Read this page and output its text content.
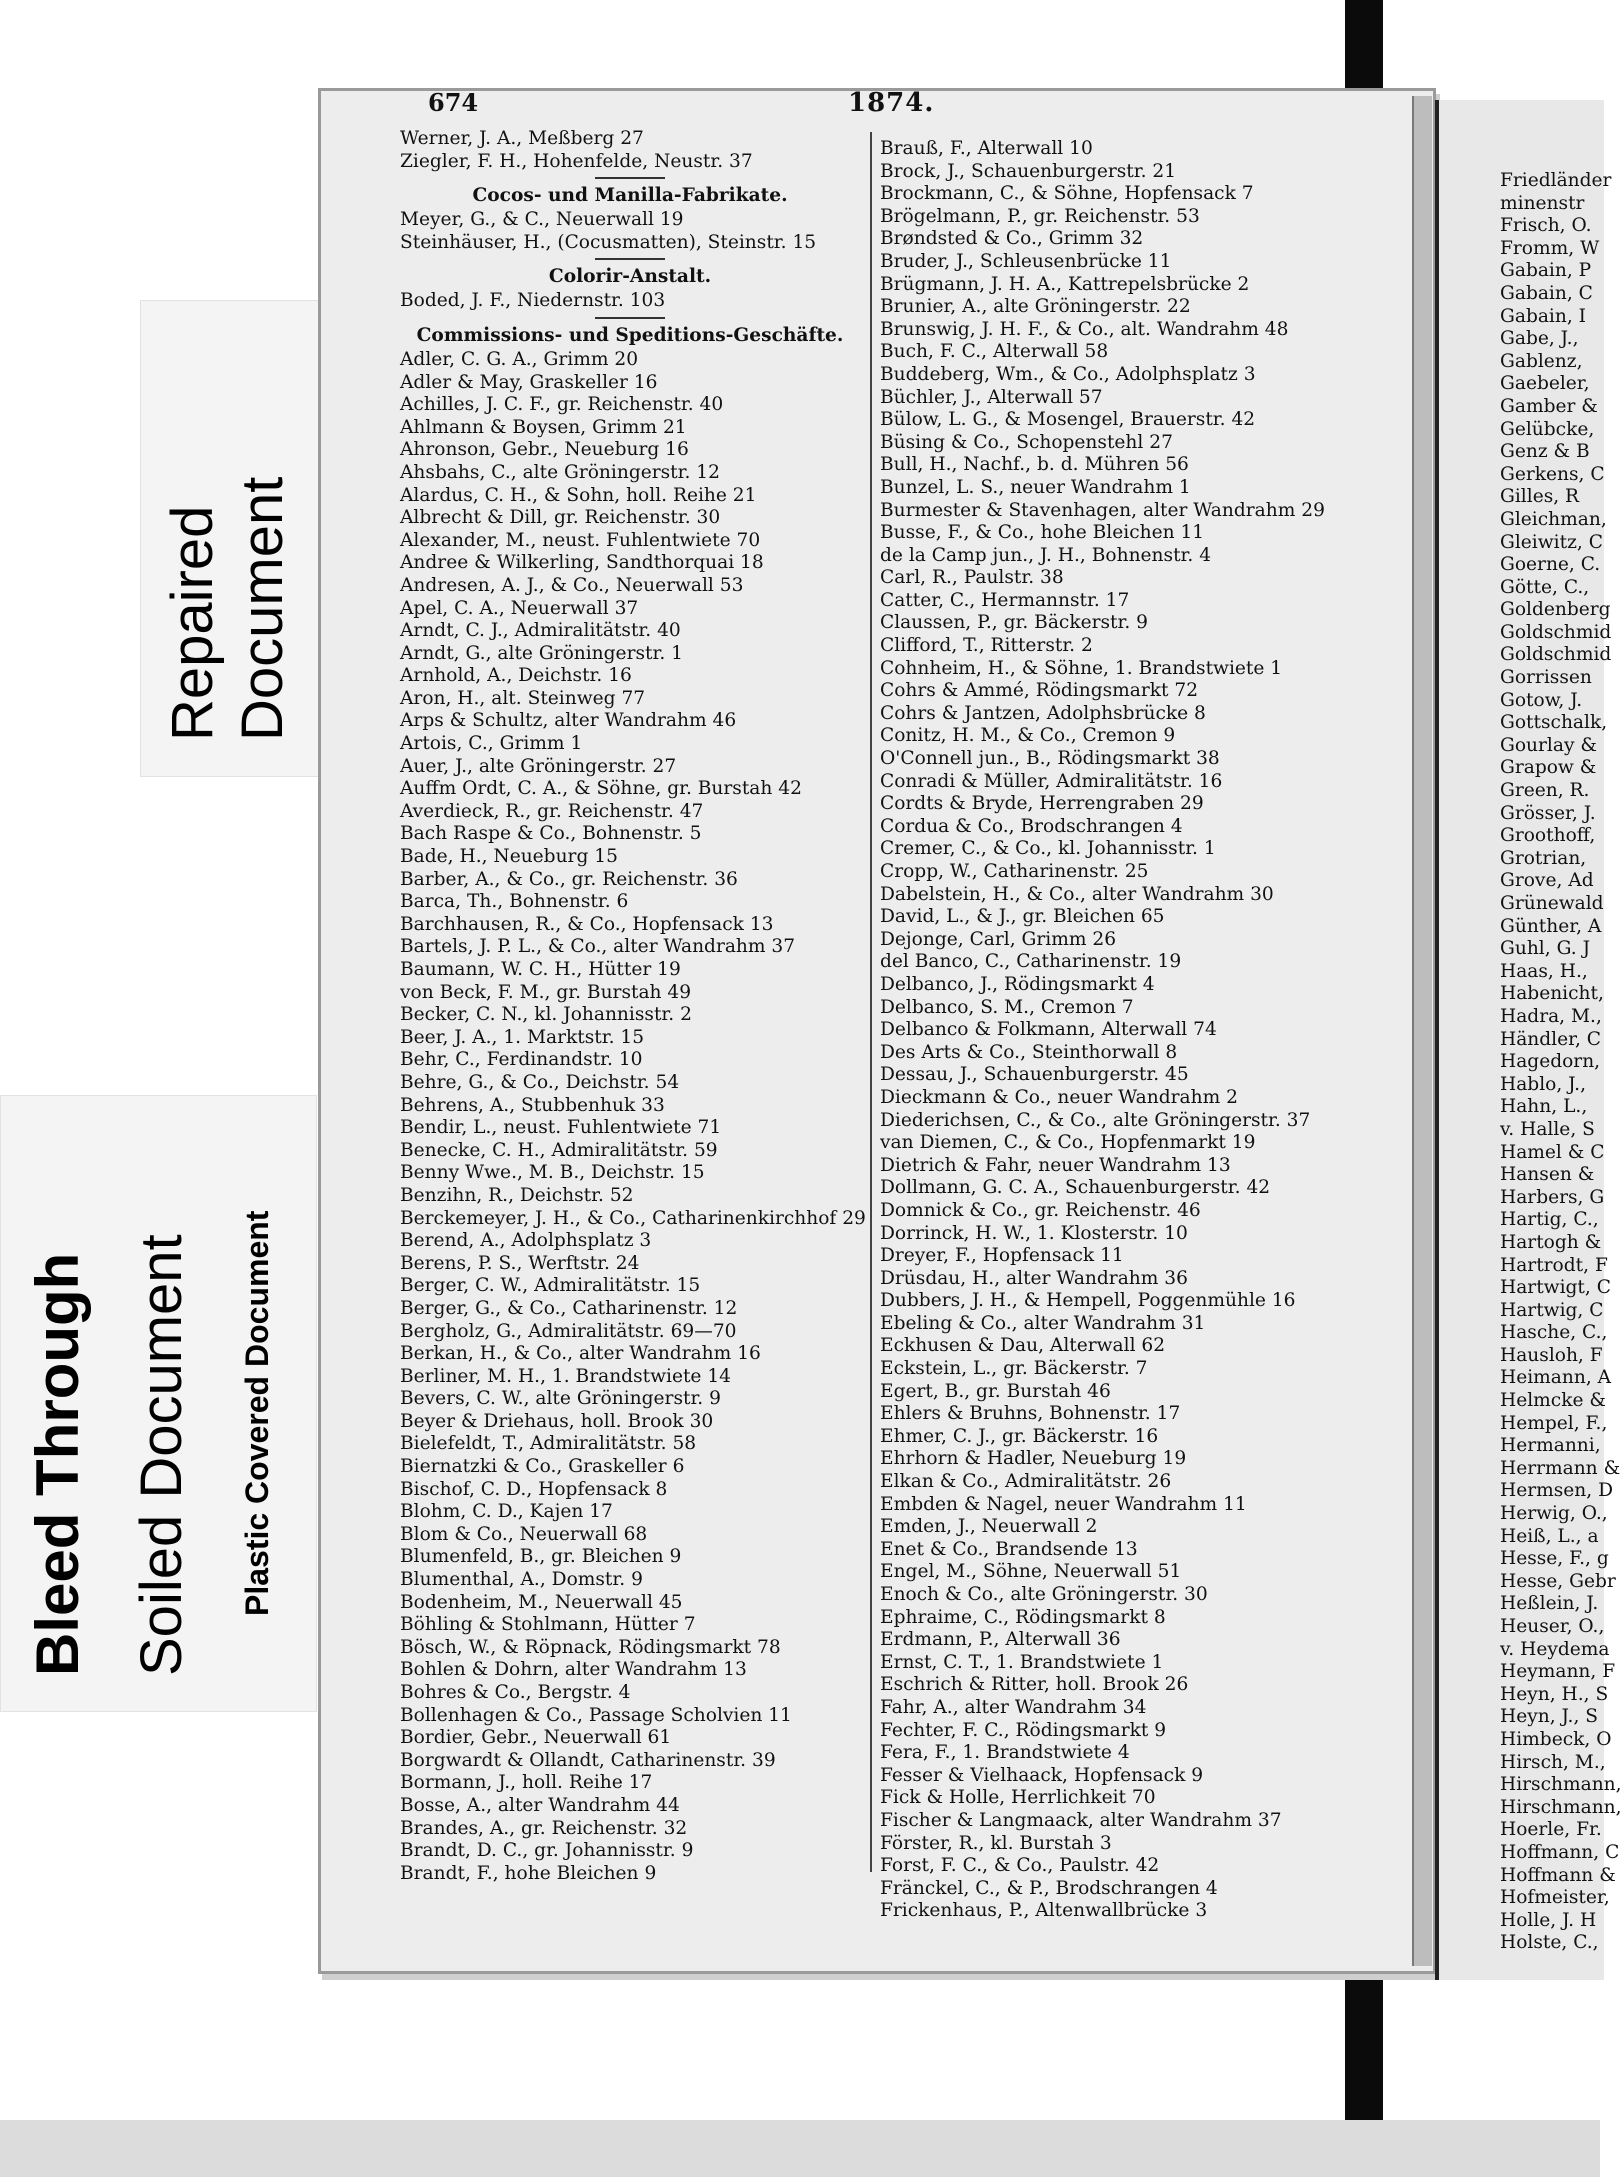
Repaired Document
Bleed Through Soiled Document Plastic Covered Document
674	1874.
Werner, J. A., Meßberg 27
Ziegler, F. H., Hohenfelde, Neustr. 37
Cocos- und Manilla-Fabrikate.
Meyer, G., & C., Neuerwall 19
Steinhäuser, H., (Cocusmatten), Steinstr. 15
Colorir-Anstalt.
Boded, J. F., Niedernstr. 103
Commissions- und Speditions-Geschäfte.
Adler, C. G. A., Grimm 20
Adler & May, Graskeller 16
Achilles, J. C. F., gr. Reichenstr. 40
Ahlmann & Boysen, Grimm 21
Ahronson, Gebr., Neueburg 16
Ahsbahs, C., alte Gröningerstr. 12
Alardus, C. H., & Sohn, holl. Reihe 21
Albrecht & Dill, gr. Reichenstr. 30
Alexander, M., neust. Fuhlentwiete 70
Andree & Wilkerling, Sandthorquai 18
Andresen, A. J., & Co., Neuerwall 53
Apel, C. A., Neuerwall 37
Arndt, C. J., Admiralitätstr. 40
Arndt, G., alte Gröningerstr. 1
Arnhold, A., Deichstr. 16
Aron, H., alt. Steinweg 77
Arps & Schultz, alter Wandrahm 46
Artois, C., Grimm 1
Auer, J., alte Gröningerstr. 27
Auffm Ordt, C. A., & Söhne, gr. Burstah 42
Averdieck, R., gr. Reichenstr. 47
Bach Raspe & Co., Bohnenstr. 5
Bade, H., Neueburg 15
Barber, A., & Co., gr. Reichenstr. 36
Barca, Th., Bohnenstr. 6
Barchhausen, R., & Co., Hopfensack 13
Bartels, J. P. L., & Co., alter Wandrahm 37
Baumann, W. C. H., Hütter 19
von Beck, F. M., gr. Burstah 49
Becker, C. N., kl. Johannisstr. 2
Beer, J. A., 1. Marktstr. 15
Behr, C., Ferdinandstr. 10
Behre, G., & Co., Deichstr. 54
Behrens, A., Stubbenhuk 33
Bendir, L., neust. Fuhlentwiete 71
Benecke, C. H., Admiralitätstr. 59
Benny Wwe., M. B., Deichstr. 15
Benzihn, R., Deichstr. 52
Berckemeyer, J. H., & Co., Catharinenkirchhof 29
Berend, A., Adolphsplatz 3
Berens, P. S., Werftstr. 24
Berger, C. W., Admiralitätstr. 15
Berger, G., & Co., Catharinenstr. 12
Bergholz, G., Admiralitätstr. 69—70
Berkan, H., & Co., alter Wandrahm 16
Berliner, M. H., 1. Brandstwiete 14
Bevers, C. W., alte Gröningerstr. 9
Beyer & Driehaus, holl. Brook 30
Bielefeldt, T., Admiralitätstr. 58
Biernatzki & Co., Graskeller 6
Bischof, C. D., Hopfensack 8
Blohm, C. D., Kajen 17
Blom & Co., Neuerwall 68
Blumenfeld, B., gr. Bleichen 9
Blumenthal, A., Domstr. 9
Bodenheim, M., Neuerwall 45
Böhling & Stohlmann, Hütter 7
Bösch, W., & Röpnack, Rödingsmarkt 78
Bohlen & Dohrn, alter Wandrahm 13
Bohres & Co., Bergstr. 4
Bollenhagen & Co., Passage Scholvien 11
Bordier, Gebr., Neuerwall 61
Borgwardt & Ollandt, Catharinenstr. 39
Bormann, J., holl. Reihe 17
Bosse, A., alter Wandrahm 44
Brandes, A., gr. Reichenstr. 32
Brandt, D. C., gr. Johannisstr. 9
Brandt, F., hohe Bleichen 9
Brauß, F., Alterwall 10
Brock, J., Schauenburgerstr. 21
Brockmann, C., & Söhne, Hopfensack 7
Brögelmann, P., gr. Reichenstr. 53
Brøndsted & Co., Grimm 32
Bruder, J., Schleusenbrücke 11
Brügmann, J. H. A., Kattrepelsbrücke 2
Brunier, A., alte Gröningerstr. 22
Brunswig, J. H. F., & Co., alt. Wandrahm 48
Buch, F. C., Alterwall 58
Buddeberg, Wm., & Co., Adolphsplatz 3
Büchler, J., Alterwall 57
Bülow, L. G., & Mosengel, Brauerstr. 42
Büsing & Co., Schopenstehl 27
Bull, H., Nachf., b. d. Mühren 56
Bunzel, L. S., neuer Wandrahm 1
Burmester & Stavenhagen, alter Wandrahm 29
Busse, F., & Co., hohe Bleichen 11
de la Camp jun., J. H., Bohnenstr. 4
Carl, R., Paulstr. 38
Catter, C., Hermannstr. 17
Claussen, P., gr. Bäckerstr. 9
Clifford, T., Ritterstr. 2
Cohnheim, H., & Söhne, 1. Brandstwiete 1
Cohrs & Ammé, Rödingsmarkt 72
Cohrs & Jantzen, Adolphsbrücke 8
Conitz, H. M., & Co., Cremon 9
O'Connell jun., B., Rödingsmarkt 38
Conradi & Müller, Admiralitätstr. 16
Cordts & Bryde, Herrengraben 29
Cordua & Co., Brodschrangen 4
Cremer, C., & Co., kl. Johannisstr. 1
Cropp, W., Catharinenstr. 25
Dabelstein, H., & Co., alter Wandrahm 30
David, L., & J., gr. Bleichen 65
Dejonge, Carl, Grimm 26
del Banco, C., Catharinenstr. 19
Delbanco, J., Rödingsmarkt 4
Delbanco, S. M., Cremon 7
Delbanco & Folkmann, Alterwall 74
Des Arts & Co., Steinthorwall 8
Dessau, J., Schauenburgerstr. 45
Dieckmann & Co., neuer Wandrahm 2
Diederichsen, C., & Co., alte Gröningerstr. 37
van Diemen, C., & Co., Hopfenmarkt 19
Dietrich & Fahr, neuer Wandrahm 13
Dollmann, G. C. A., Schauenburgerstr. 42
Domnick & Co., gr. Reichenstr. 46
Dorrinck, H. W., 1. Klosterstr. 10
Dreyer, F., Hopfensack 11
Drüsdau, H., alter Wandrahm 36
Dubbers, J. H., & Hempell, Poggenmühle 16
Ebeling & Co., alter Wandrahm 31
Eckhusen & Dau, Alterwall 62
Eckstein, L., gr. Bäckerstr. 7
Egert, B., gr. Burstah 46
Ehlers & Bruhns, Bohnenstr. 17
Ehmer, C. J., gr. Bäckerstr. 16
Ehrhorn & Hadler, Neueburg 19
Elkan & Co., Admiralitätstr. 26
Embden & Nagel, neuer Wandrahm 11
Emden, J., Neuerwall 2
Enet & Co., Brandsende 13
Engel, M., Söhne, Neuerwall 51
Enoch & Co., alte Gröningerstr. 30
Ephraime, C., Rödingsmarkt 8
Erdmann, P., Alterwall 36
Ernst, C. T., 1. Brandstwiete 1
Eschrich & Ritter, holl. Brook 26
Fahr, A., alter Wandrahm 34
Fechter, F. C., Rödingsmarkt 9
Fera, F., 1. Brandstwiete 4
Fesser & Vielhaack, Hopfensack 9
Fick & Holle, Herrlichkeit 70
Fischer & Langmaack, alter Wandrahm 37
Förster, R., kl. Burstah 3
Forst, F. C., & Co., Paulstr. 42
Fränckel, C., & P., Brodschrangen 4
Frickenhaus, P., Altenwallbrücke 3
Friedländer
minenstr
Frisch, O.
Fromm, W
Gabain, P
Gabain, C
Gabain, I
Gabe, J.,
Gablenz,
Gaebeler,
Gamber &
Gelübcke,
Genz & B
Gerkens, C
Gilles, R
Gleichman,
Gleiwitz, C
Goerne, C.
Götte, C.,
Goldenberg
Goldschmid
Goldschmid
Gorrissen
Gotow, J.
Gottschalk,
Gourlay &
Grapow &
Green, R.
Grösser, J.
Groothoff,
Grotrian,
Grove, Ad
Grünewald
Günther, A
Guhl, G. J
Haas, H.,
Habenicht,
Hadra, M.,
Händler, C
Hagedorn,
Hablo, J.,
Hahn, L.,
v. Halle, S
Hamel & C
Hansen &
Harbers, G
Hartig, C.,
Hartogh &
Hartrodt, F
Hartwigt, C
Hartwig, C
Hasche, C.,
Hausloh, F
Heimann, A
Helmcke &
Hempel, F.,
Hermanni,
Herrmann &
Hermsen, D
Herwig, O.,
Heiß, L., a
Hesse, F., g
Hesse, Gebr
Heßlein, J.
Heuser, O.,
v. Heydema
Heymann, F
Heyn, H., S
Heyn, J., S
Himbeck, O
Hirsch, M.,
Hirschmann,
Hirschmann,
Hoerle, Fr.
Hoffmann, C
Hoffmann &
Hofmeister,
Holle, J. H
Holste, C.,
